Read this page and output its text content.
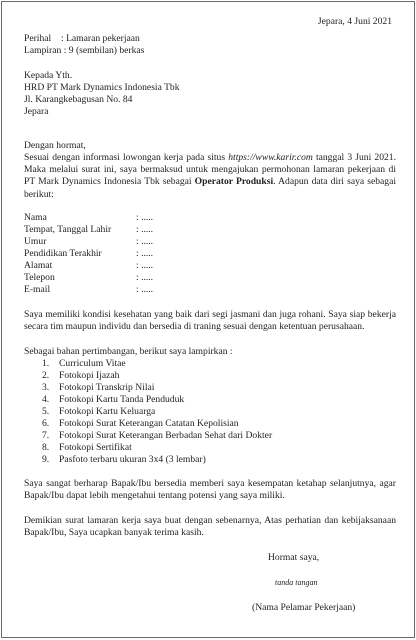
Jepara, 4 Juni 2021
Perihal : Lamaran pekerjaan
Lampiran : 9 (sembilan) berkas
Kepada Yth.
HRD PT Mark Dynamics Indonesia Tbk
Jl. Karangkebagusan No. 84
Jepara
Dengan hormat,
Sesuai dengan informasi lowongan kerja pada situs https://www.karir.com tanggal 3 Juni 2021. Maka melalui surat ini, saya bermaksud untuk mengajukan permohonan lamaran pekerjaan di PT Mark Dynamics Indonesia Tbk sebagai Operator Produksi. Adapun data diri saya sebagai berikut:
Nama	: .....
Tempat, Tanggal Lahir	: .....
Umur	: .....
Pendidikan Terakhir	: .....
Alamat	: .....
Telepon	: .....
E-mail	: .....
Saya memiliki kondisi kesehatan yang baik dari segi jasmani dan juga rohani. Saya siap bekerja secara tim maupun individu dan bersedia di traning sesuai dengan ketentuan perusahaan.
Sebagai bahan pertimbangan, berikut saya lampirkan :
1. Curriculum Vitae
2. Fotokopi Ijazah
3. Fotokopi Transkrip Nilai
4. Fotokopi Kartu Tanda Penduduk
5. Fotokopi Kartu Keluarga
6. Fotokopi Surat Keterangan Catatan Kepolisian
7. Fotokopi Surat Keterangan Berbadan Sehat dari Dokter
8. Fotokopi Sertifikat
9. Pasfoto terbaru ukuran 3x4 (3 lembar)
Saya sangat berharap Bapak/Ibu bersedia memberi saya kesempatan ketahap selanjutnya, agar Bapak/Ibu dapat lebih mengetahui tentang potensi yang saya miliki.
Demikian surat lamaran kerja saya buat dengan sebenarnya, Atas perhatian dan kebijaksanaan Bapak/Ibu, Saya ucapkan banyak terima kasih.
Hormat saya,
tanda tangan
(Nama Pelamar Pekerjaan)
